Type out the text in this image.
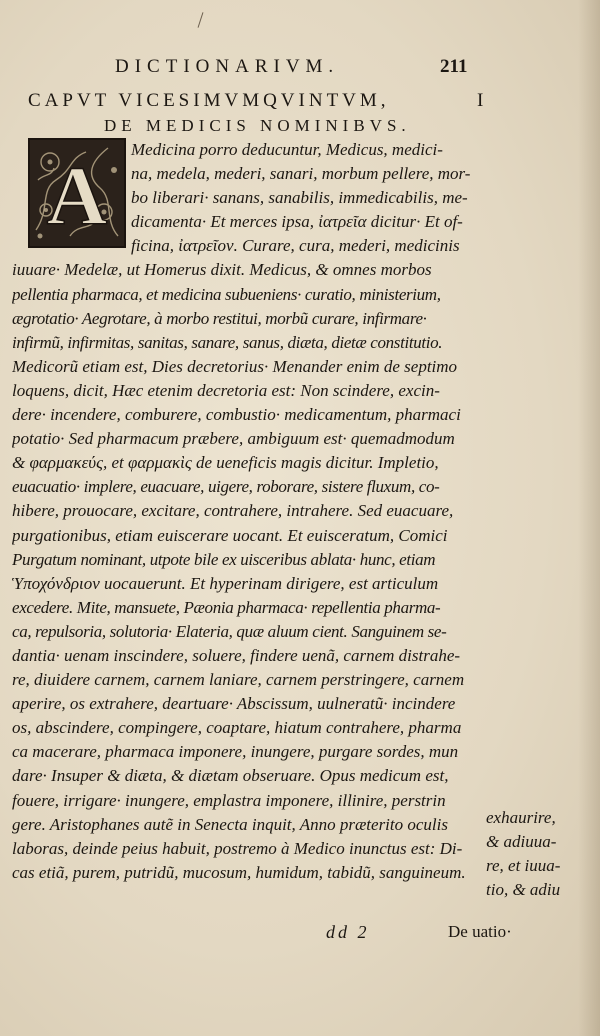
DICTIONARIVM.	211
CAPVT VICESIMVMQVINTVM,	I
DE MEDICIS NOMINIBVS.
A
Medicina porro deducuntur, Medicus, medici-
na, medela, mederi, sanari, morbum pellere, mor-
bo liberari· sanans, sanabilis, immedicabilis, me-
dicamenta· Et merces ipsa, ἰατρεῖα dicitur· Et of-
ficina, ἰατρεῖον. Curare, cura, mederi, medicinis
iuuare· Medelæ, ut Homerus dixit. Medicus, & omnes morbos
pellentia pharmaca, et medicina subueniens· curatio, ministerium,
ægrotatio· Aegrotare, à morbo restitui, morbũ curare, infirmare·
infirmũ, infirmitas, sanitas, sanare, sanus, diæta, dietæ constitutio.
Medicorũ etiam est, Dies decretorius· Menander enim de septimo
loquens, dicit, Hæc etenim decretoria est: Non scindere, excin-
dere· incendere, comburere, combustio· medicamentum, pharmaci
potatio· Sed pharmacum præbere, ambiguum est· quemadmodum
& φαρμακεύς, et φαρμακὶς de ueneficis magis dicitur. Impletio,
euacuatio· implere, euacuare, uigere, roborare, sistere fluxum, co-
hibere, prouocare, excitare, contrahere, intrahere. Sed euacuare,
purgationibus, etiam euiscerare uocant. Et euisceratum, Comici
Purgatum nominant, utpote bile ex uisceribus ablata· hunc, etiam
Ὑποχόνδριον uocauerunt. Et hyperinam dirigere, est articulum
excedere. Mite, mansuete, Pæonia pharmaca· repellentia pharma-
ca, repulsoria, solutoria· Elateria, quæ aluum cient. Sanguinem se-
dantia· uenam inscindere, soluere, findere uenã, carnem distrahe-
re, diuidere carnem, carnem laniare, carnem perstringere, carnem
aperire, os extrahere, deartuare· Abscissum, uulneratũ· incindere
os, abscindere, compingere, coaptare, hiatum contrahere, pharma
ca macerare, pharmaca imponere, inungere, purgare sordes, mun
dare· Insuper & diæta, & diætam obseruare. Opus medicum est,
fouere, irrigare· inungere, emplastra imponere, illinire, perstrin
gere. Aristophanes autẽ in Senecta inquit, Anno præterito oculis
laboras, deinde peius habuit, postremo à Medico inunctus est: Di-
cas etiã, purem, putridũ, mucosum, humidum, tabidũ, sanguineum.
exhaurire,
& adiuua-
re, et iuua-
tio, & adiu
dd 2	De uatio·
